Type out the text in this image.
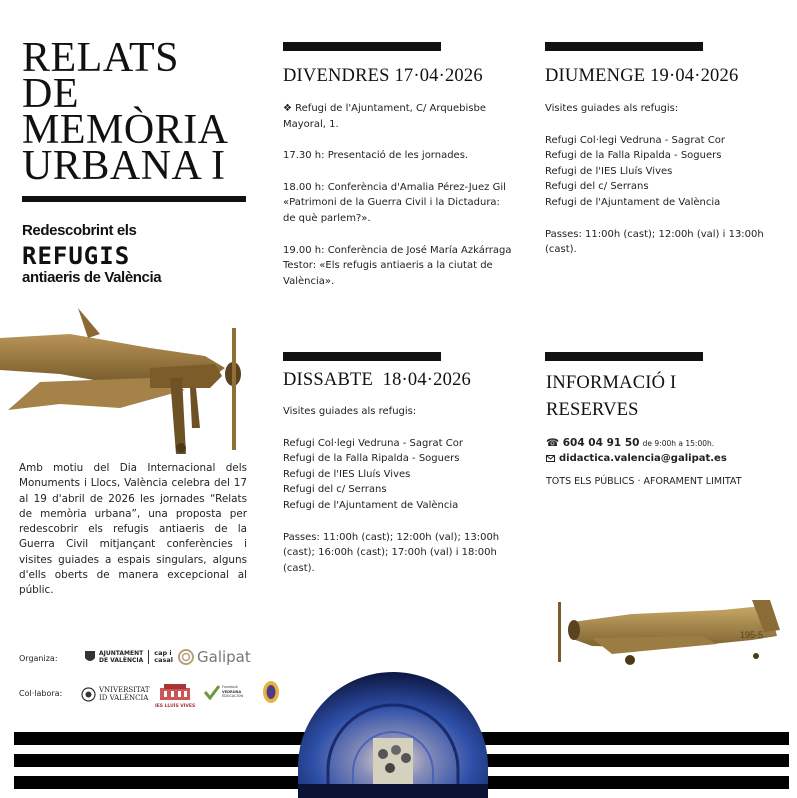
RELATS
DE
MEMÒRIA
URBANA I
Redescobrint els
REFUGIS
antiaeris de València
Amb motiu del Dia Internacional dels Monuments i Llocs, València celebra del 17 al 19 d'abril de 2026 les jornades “Relats de memòria urbana”, una proposta per redescobrir els refugis antiaeris de la Guerra Civil mitjançant conferències i visites guiades a espais singulars, alguns d'ells oberts de manera excepcional al públic.
Organiza:
AJUNTAMENT
DE VALÈNCIA
cap i
casal Galipat
Col·labora:	VNIVERSITAT
ID VALÈNCIA
IES LLUÍS VIVES
Fundació
VEDRUNA
EDUCACIÓN
DIVENDRES 17·04·2026

❖ Refugi de l'Ajuntament, C/ Arquebisbe Mayoral, 1.

17.30 h: Presentació de les jornades.

18.00 h: Conferència d'Amalia Pérez-Juez Gil «Patrimoni de la Guerra Civil i la Dictadura: de què parlem?».

19.00 h: Conferència de José María Azkárraga Testor: «Els refugis antiaeris a la ciutat de València».

DIUMENGE 19·04·2026

Visites guiades als refugis:

Refugi Col·legi Vedruna - Sagrat Cor
Refugi de la Falla Ripalda - Soguers
Refugi de l'IES Lluís Vives
Refugi del c/ Serrans
Refugi de l'Ajuntament de València

Passes: 11:00h (cast); 12:00h (val) i 13:00h (cast).

DISSABTE  18·04·2026

Visites guiades als refugis:

Refugi Col·legi Vedruna - Sagrat Cor
Refugi de la Falla Ripalda - Soguers
Refugi de l'IES Lluís Vives
Refugi del c/ Serrans
Refugi de l'Ajuntament de València

Passes: 11:00h (cast); 12:00h (val); 13:00h (cast); 16:00h (cast); 17:00h (val) i 18:00h (cast).

INFORMACIÓ I
RESERVES
☎ 604 04 91 50 de 9:00h a 15:00h.
didactica.valencia@galipat.es
TOTS ELS PÚBLICS · AFORAMENT LIMITAT
195-5
